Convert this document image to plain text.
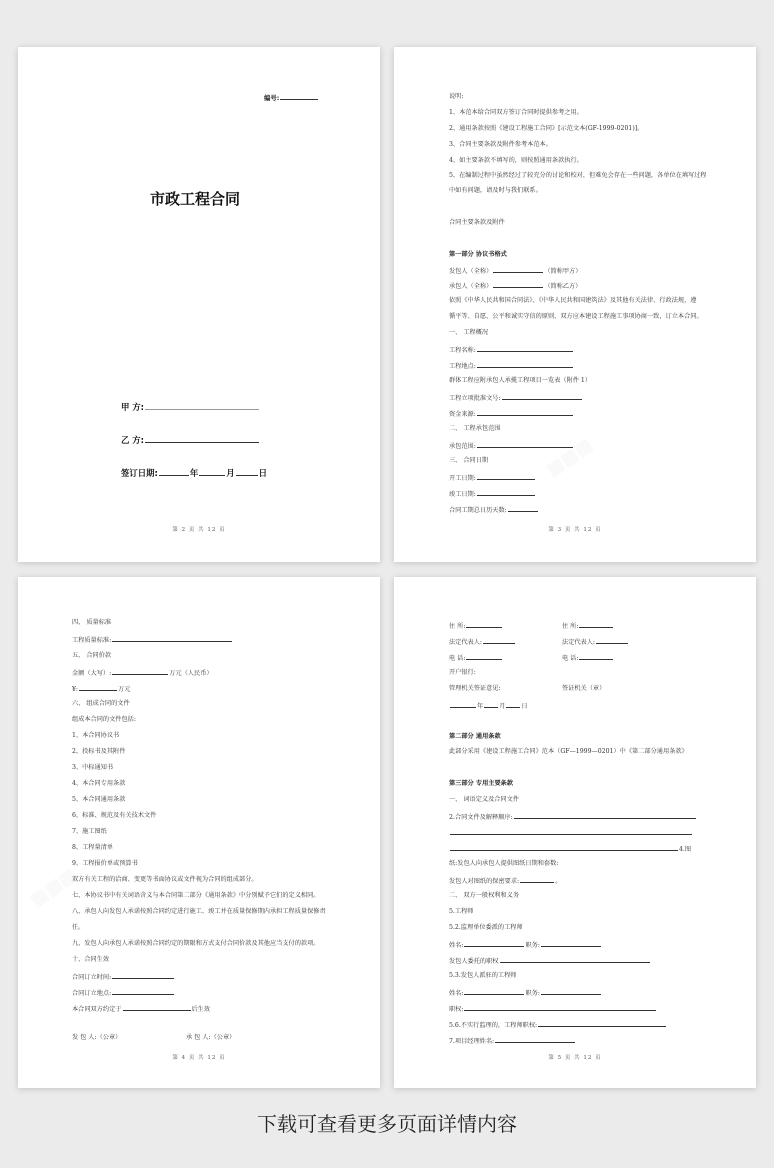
编号:
市政工程合同
甲 方:
乙 方:
签订日期:	年	月	日
第 2 页 共 12 页
说明:
1、本范本给合同双方签订合同时提供参考之用。
2、通用条款按照《建设工程施工合同》[示范文本(GF-1999-0201)]。
3、合同主要条款及附件参考本范本。
4、如主要条款不填写的，则按照通用条款执行。
5、在编制过程中虽然经过了较充分的讨论和校对，但难免会存在一些问题，各单位在填写过程
中如有问题，请及时与我们联系。
合同主要条款及附件
第一部分 协议书格式
发包人（全称）	（简称甲方）
承包人（全称）	（简称乙方）
依照《中华人民共和国合同法》、《中华人民共和国建筑法》及其他有关法律、行政法规，遵
循平等、自愿、公平和诚实守信的原则，双方应本建设工程施工事项协商一致，订立本合同。
一、 工程概况
工程名称:
工程地点:
群体工程应附承包人承揽工程项目一览表（附件 1）
工程立项批准文号:
资金来源:
二、 工程承包范围
承包范围:
三、 合同日期
开工日期:
竣工日期:
合同工期总日历天数:
第 3 页 共 12 页
四、 质量标准
工程质量标准:
五、 合同价款
金额（大写）:	万元（人民币）
¥:	万元
六、 组成合同的文件
组成本合同的文件包括:
1、本合同协议书
2、投标书及其附件
3、中标通知书
4、本合同专用条款
5、本合同通用条款
6、标准、规范及有关技术文件
7、施工图纸
8、工程量清单
9、工程报价单或预算书
双方有关工程的洽商、变更等书面协议或文件视为合同的组成部分。
七、本协议书中有关词语含义与本合同第二部分《通用条款》中分别赋予它们的定义相同。
八、承包人向发包人承诺按照合同约定进行施工、竣工并在质量保修期内承担工程质量保修责
任。
九、发包人向承包人承诺按照合同约定的期限和方式支付合同价款及其他应当支付的款项。
十、合同生效
合同订立时间:
合同订立地点:
本合同双方约定于	后生效
发 包 人:（公章）	承 包 人:（公章）
第 4 页 共 12 页
住 所:	住 所:
法定代表人:	法定代表人:
电 话:	电 话:
开户银行:
管理机关签证意见:	签证机关（章）
年	月	日
第二部分 通用条款
此部分采用《建设工程施工合同》范本（GF—1999—0201）中《第二部分通用条款》
第三部分 专用主要条款
一、 词语定义及合同文件
2.合同文件及解释顺序:
4.图
纸:发包人向承包人提供图纸日期和套数:
发包人对图纸的保密要求:	。
二、 双方一般权利和义务
5.工程师
5.2.监理单位委派的工程师
姓名:	职务:
发包人委托的职权
5.3.发包人派驻的工程师
姓名:	职务:
职权:
5.6.不实行监理的，工程师职权:
7.项目经理姓名:
第 5 页 共 12 页
下载可查看更多页面详情内容
